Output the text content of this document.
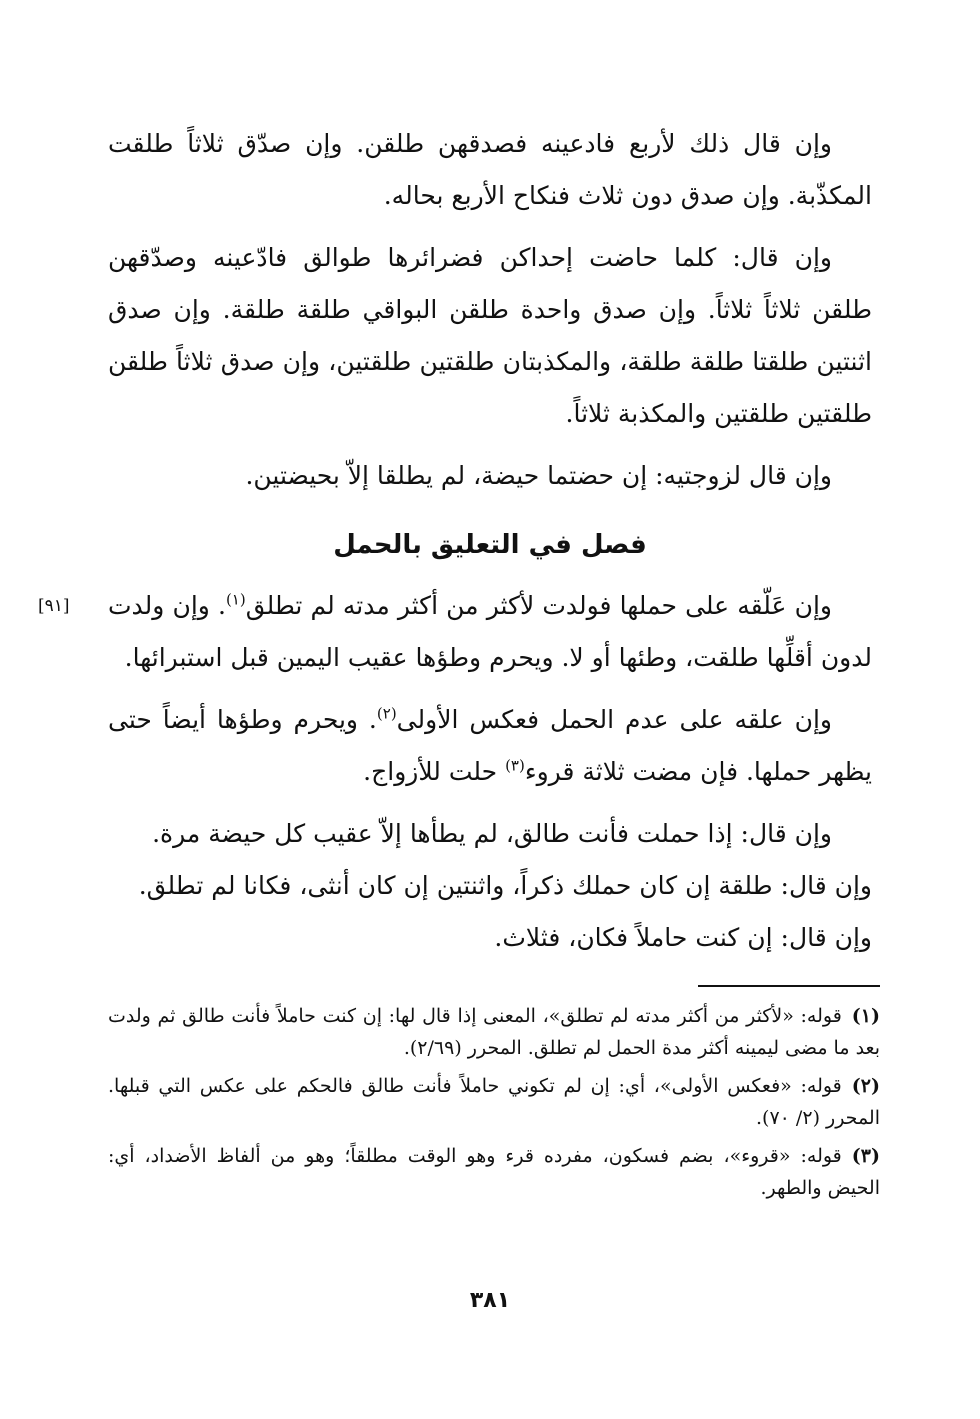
وإن قال ذلك لأربع فادعينه فصدقهن طلقن. وإن صدّق ثلاثاً طلقت المكذّبة. وإن صدق دون ثلاث فنكاح الأربع بحاله.

وإن قال: كلما حاضت إحداكن فضرائرها طوالق فادّعينه وصدّقهن طلقن ثلاثاً ثلاثاً. وإن صدق واحدة طلقن البواقي طلقة طلقة. وإن صدق اثنتين طلقتا طلقة طلقة، والمكذبتان طلقتين طلقتين، وإن صدق ثلاثاً طلقن طلقتين طلقتين والمكذبة ثلاثاً.

وإن قال لزوجتيه: إن حضتما حيضة، لم يطلقا إلاّ بحيضتين.

فصل في التعليق بالحمل

وإن عَلّقه على حملها فولدت لأكثر من أكثر مدته لم تطلق$^{(١)}$. وإن ولدت لدون أقلِّها طلقت، وطئها أو لا. ويحرم وطؤها عقيب اليمين قبل استبرائها.
[٩١]

وإن علقه على عدم الحمل فعكس الأولى$^{(٢)}$. ويحرم وطؤها أيضاً حتى يظهر حملها. فإن مضت ثلاثة قروء$^{(٣)}$ حلت للأزواج.

وإن قال: إذا حملت فأنت طالق، لم يطأها إلاّ عقيب كل حيضة مرة.

وإن قال: طلقة إن كان حملك ذكراً، واثنتين إن كان أنثى، فكانا لم تطلق.

وإن قال: إن كنت حاملاً فكان، فثلاث.

(١)قوله: «لأكثر من أكثر مدته لم تطلق»، المعنى إذا قال لها: إن كنت حاملاً فأنت طالق ثم ولدت بعد ما مضى ليمينه أكثر مدة الحمل لم تطلق. المحرر (٢/٦٩).

(٢)قوله: «فعكس الأولى»، أي: إن لم تكوني حاملاً فأنت طالق فالحكم على عكس التي قبلها. المحرر (٢/ ٧٠).

(٣)قوله: «قروء»، بضم فسكون، مفرده قرء وهو الوقت مطلقاً؛ وهو من ألفاظ الأضداد، أي: الحيض والطهر.

٣٨١
